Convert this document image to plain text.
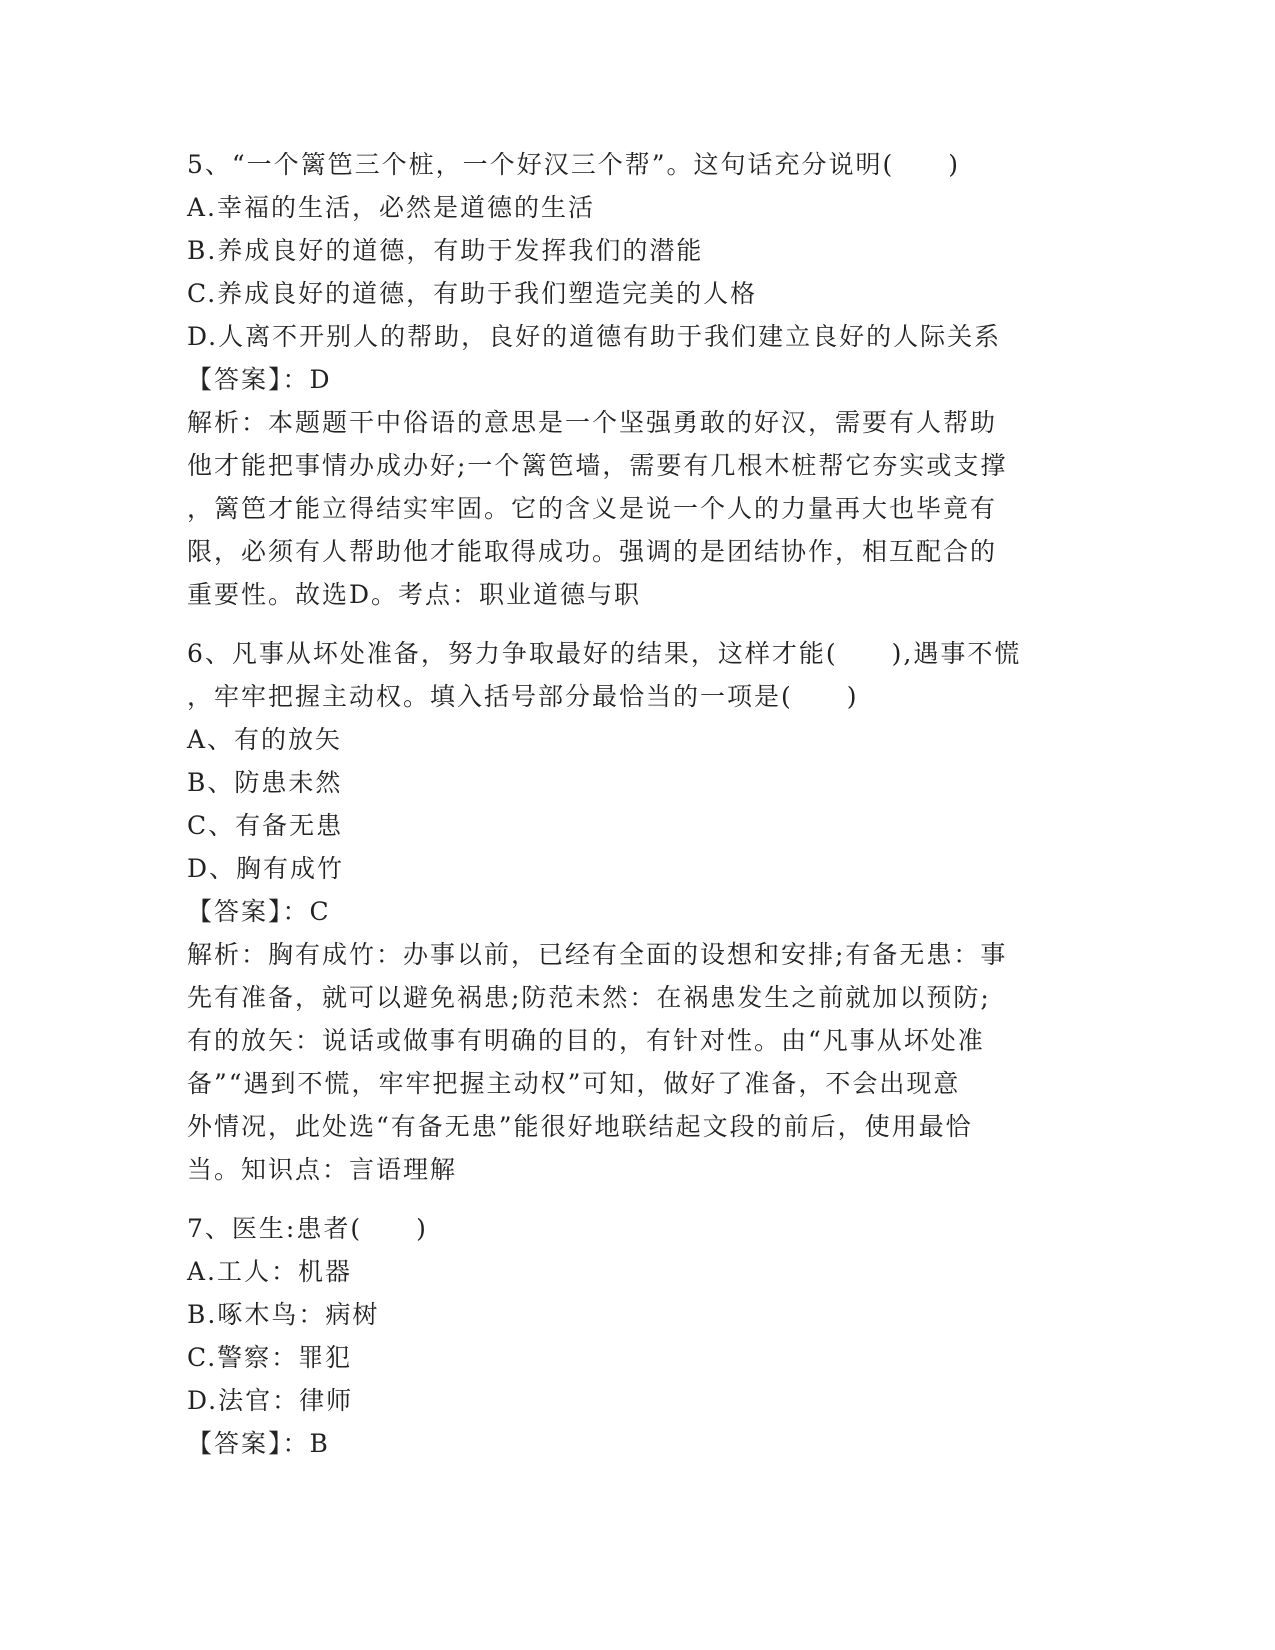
5、“一个篱笆三个桩，一个好汉三个帮”。这句话充分说明(　　)
A.幸福的生活，必然是道德的生活
B.养成良好的道德，有助于发挥我们的潜能
C.养成良好的道德，有助于我们塑造完美的人格
D.人离不开别人的帮助，良好的道德有助于我们建立良好的人际关系
【答案】：D
解析：本题题干中俗语的意思是一个坚强勇敢的好汉，需要有人帮助
他才能把事情办成办好;一个篱笆墙，需要有几根木桩帮它夯实或支撑
，篱笆才能立得结实牢固。它的含义是说一个人的力量再大也毕竟有
限，必须有人帮助他才能取得成功。强调的是团结协作，相互配合的
重要性。故选D。考点：职业道德与职
6、凡事从坏处准备，努力争取最好的结果，这样才能(　　),遇事不慌
，牢牢把握主动权。填入括号部分最恰当的一项是(　　)
A、有的放矢
B、防患未然
C、有备无患
D、胸有成竹
【答案】：C
解析：胸有成竹：办事以前，已经有全面的设想和安排;有备无患：事
先有准备，就可以避免祸患;防范未然：在祸患发生之前就加以预防;
有的放矢：说话或做事有明确的目的，有针对性。由“凡事从坏处准
备”“遇到不慌，牢牢把握主动权”可知，做好了准备，不会出现意
外情况，此处选“有备无患”能很好地联结起文段的前后，使用最恰
当。知识点：言语理解
7、医生:患者(　　)
A.工人：机器
B.啄木鸟：病树
C.警察：罪犯
D.法官：律师
【答案】：B
